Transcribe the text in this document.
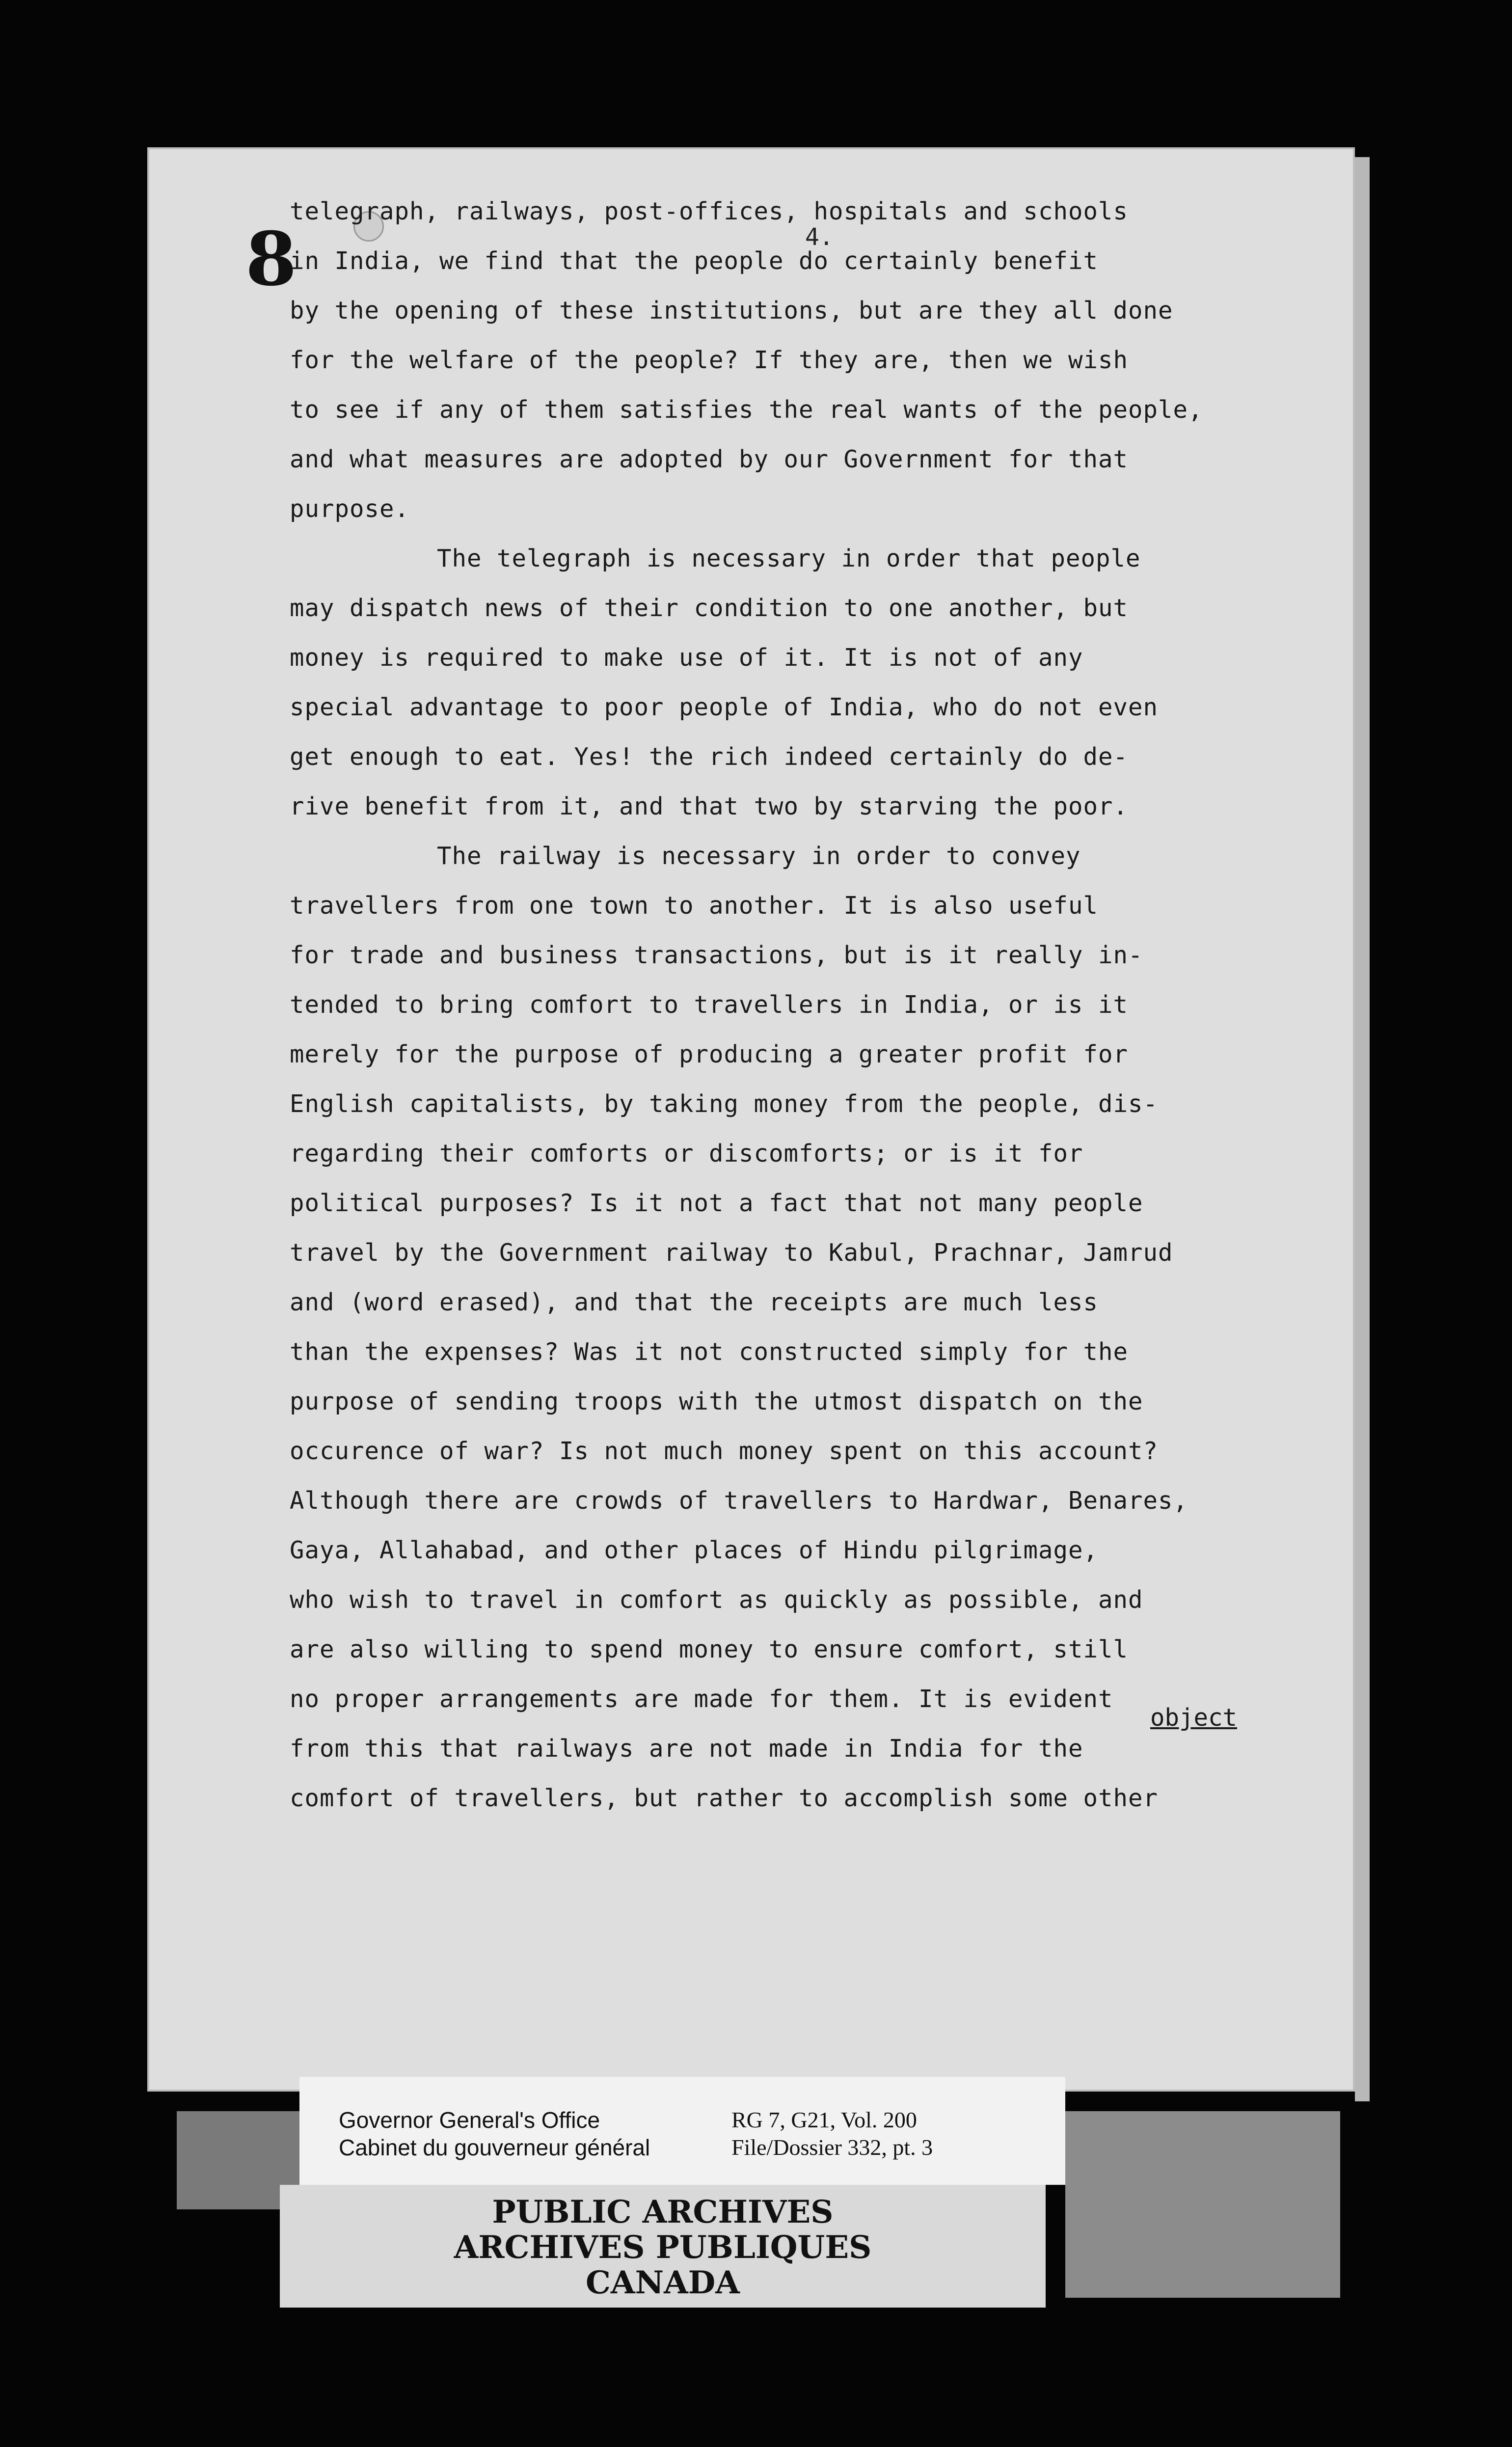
8	4.
telegraph, railways, post-offices, hospitals and schools
in India, we find that the people do certainly benefit
by the opening of these institutions, but are they all done
for the welfare of the people? If they are, then we wish
to see if any of them satisfies the real wants of the people,
and what measures are adopted by our Government for that
purpose.
The telegraph is necessary in order that people
may dispatch news of their condition to one another, but
money is required to make use of it. It is not of any
special advantage to poor people of India, who do not even
get enough to eat. Yes! the rich indeed certainly do de-
rive benefit from it, and that two by starving the poor.
The railway is necessary in order to convey
travellers from one town to another. It is also useful
for trade and business transactions, but is it really in-
tended to bring comfort to travellers in India, or is it
merely for the purpose of producing a greater profit for
English capitalists, by taking money from the people, dis-
regarding their comforts or discomforts; or is it for
political purposes? Is it not a fact that not many people
travel by the Government railway to Kabul, Prachnar, Jamrud
and (word erased), and that the receipts are much less
than the expenses? Was it not constructed simply for the
purpose of sending troops with the utmost dispatch on the
occurence of war? Is not much money spent on this account?
Although there are crowds of travellers to Hardwar, Benares,
Gaya, Allahabad, and other places of Hindu pilgrimage,
who wish to travel in comfort as quickly as possible, and
are also willing to spend money to ensure comfort, still
no proper arrangements are made for them. It is evident
from this that railways are not made in India for the
comfort of travellers, but rather to accomplish some other
object
Governor General's Office
Cabinet du gouverneur général
RG 7, G21, Vol. 200
File/Dossier 332, pt. 3
PUBLIC ARCHIVES
ARCHIVES PUBLIQUES
CANADA
